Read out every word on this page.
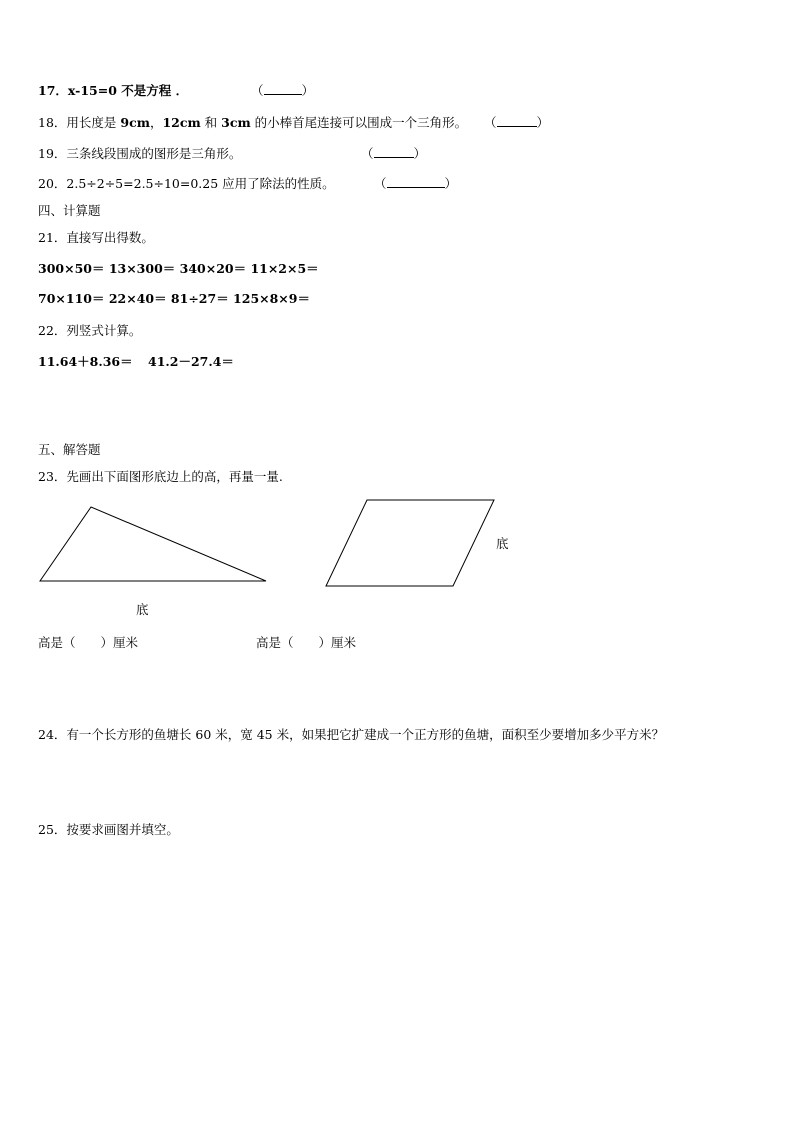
17．x-15=0 不是方程 ．	（	）
18．用长度是 9cm，12cm 和 3cm 的小棒首尾连接可以围成一个三角形。 （	）
19．三条线段围成的图形是三角形。	（	）
20．2.5÷2÷5=2.5÷10=0.25 应用了除法的性质。	（	）
四、计算题
21．直接写出得数。
300×50＝ 13×300＝ 340×20＝ 11×2×5＝
70×110＝ 22×40＝ 81÷27＝ 125×8×9＝
22．列竖式计算。
11.64＋8.36＝ 41.2－27.4＝
五、解答题
23．先画出下面图形底边上的高，再量一量.
底
底
高是（　　）厘米	高是（　　）厘米
24．有一个长方形的鱼塘长 60 米，宽 45 米，如果把它扩建成一个正方形的鱼塘，面积至少要增加多少平方米？
25．按要求画图并填空。
